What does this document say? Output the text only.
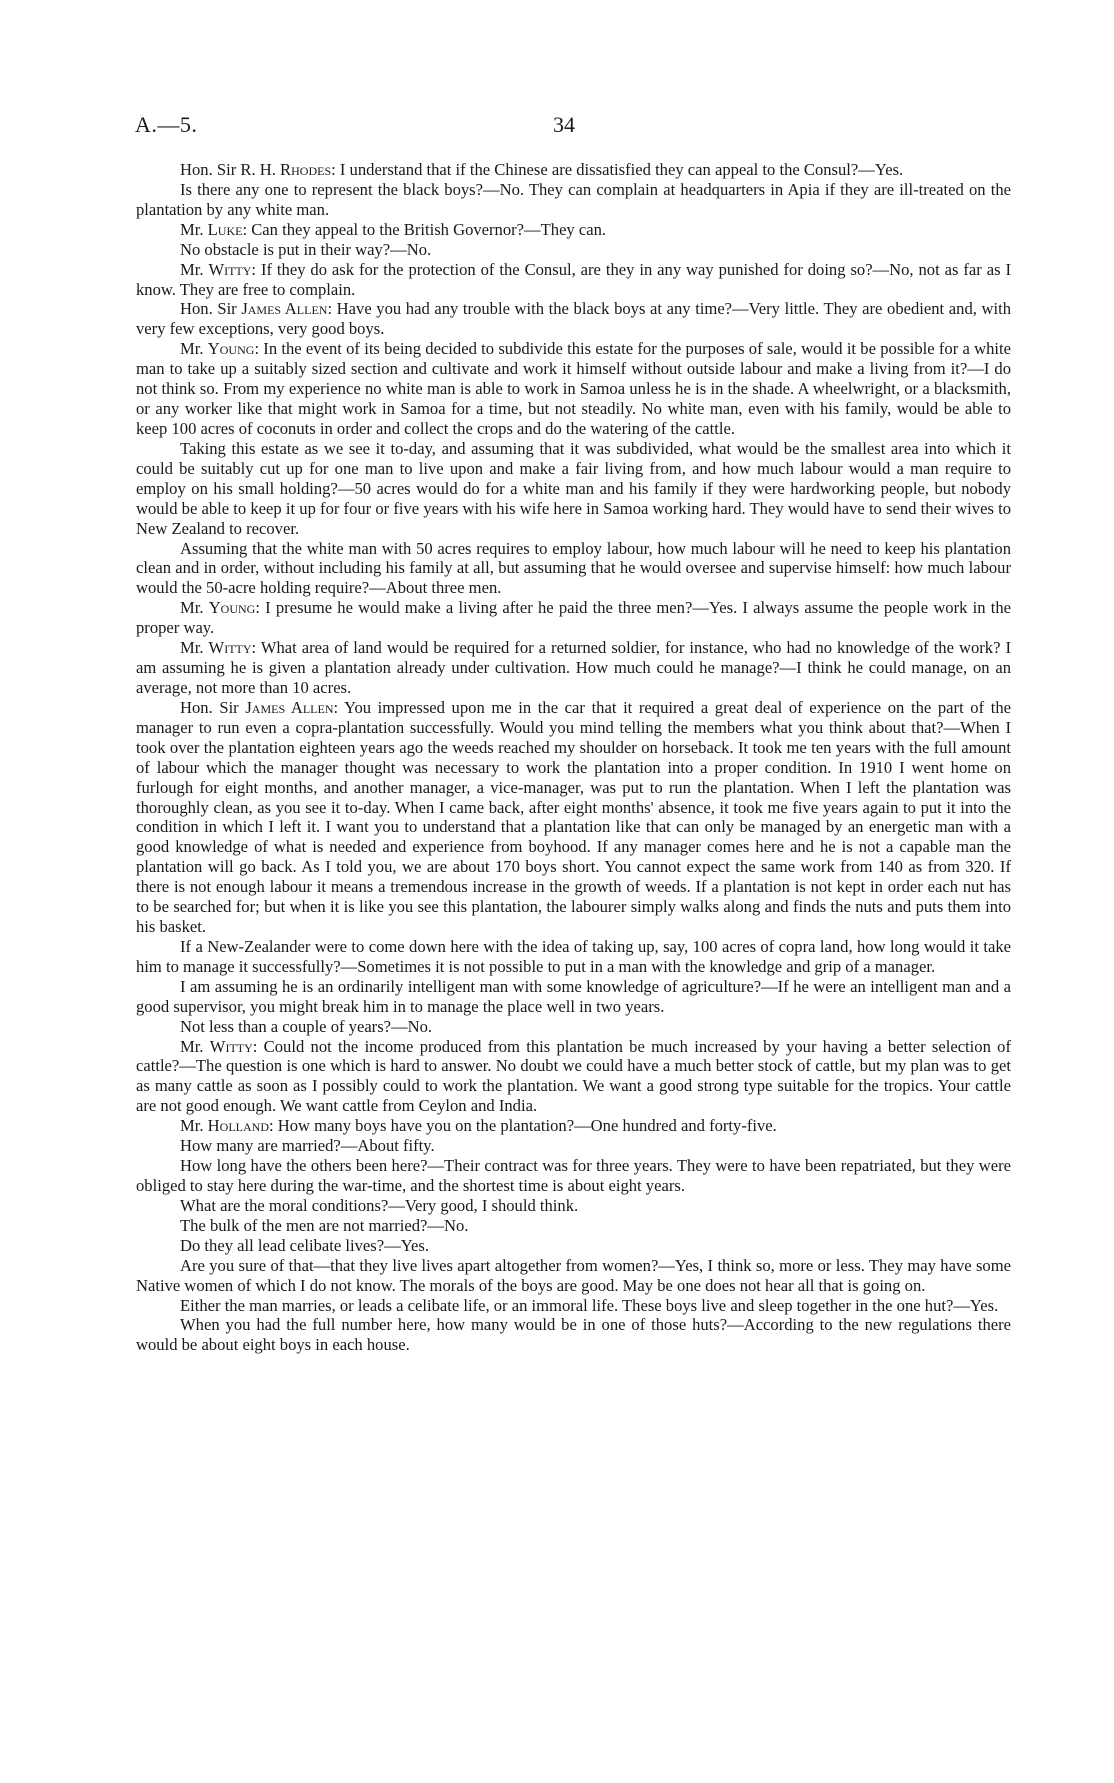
A.—5.	34

Hon. Sir R. H. Rhodes: I understand that if the Chinese are dissatisfied they can appeal to the Consul?—Yes.

Is there any one to represent the black boys?—No. They can complain at headquarters in Apia if they are ill-treated on the plantation by any white man.

Mr. Luke: Can they appeal to the British Governor?—They can.

No obstacle is put in their way?—No.

Mr. Witty: If they do ask for the protection of the Consul, are they in any way punished for doing so?—No, not as far as I know. They are free to complain.

Hon. Sir James Allen: Have you had any trouble with the black boys at any time?—Very little. They are obedient and, with very few exceptions, very good boys.

Mr. Young: In the event of its being decided to subdivide this estate for the purposes of sale, would it be possible for a white man to take up a suitably sized section and cultivate and work it himself without outside labour and make a living from it?—I do not think so. From my experience no white man is able to work in Samoa unless he is in the shade. A wheelwright, or a blacksmith, or any worker like that might work in Samoa for a time, but not steadily. No white man, even with his family, would be able to keep 100 acres of coconuts in order and collect the crops and do the watering of the cattle.

Taking this estate as we see it to-day, and assuming that it was subdivided, what would be the smallest area into which it could be suitably cut up for one man to live upon and make a fair living from, and how much labour would a man require to employ on his small holding?—50 acres would do for a white man and his family if they were hardworking people, but nobody would be able to keep it up for four or five years with his wife here in Samoa working hard. They would have to send their wives to New Zealand to recover.

Assuming that the white man with 50 acres requires to employ labour, how much labour will he need to keep his plantation clean and in order, without including his family at all, but assuming that he would oversee and supervise himself: how much labour would the 50-acre holding require?—About three men.

Mr. Young: I presume he would make a living after he paid the three men?—Yes. I always assume the people work in the proper way.

Mr. Witty: What area of land would be required for a returned soldier, for instance, who had no knowledge of the work? I am assuming he is given a plantation already under cultivation. How much could he manage?—I think he could manage, on an average, not more than 10 acres.

Hon. Sir James Allen: You impressed upon me in the car that it required a great deal of experience on the part of the manager to run even a copra-plantation successfully. Would you mind telling the members what you think about that?—When I took over the plantation eighteen years ago the weeds reached my shoulder on horseback. It took me ten years with the full amount of labour which the manager thought was necessary to work the plantation into a proper condition. In 1910 I went home on furlough for eight months, and another manager, a vice-manager, was put to run the plantation. When I left the plantation was thoroughly clean, as you see it to-day. When I came back, after eight months' absence, it took me five years again to put it into the condition in which I left it. I want you to understand that a plantation like that can only be managed by an energetic man with a good knowledge of what is needed and experience from boyhood. If any manager comes here and he is not a capable man the plantation will go back. As I told you, we are about 170 boys short. You cannot expect the same work from 140 as from 320. If there is not enough labour it means a tremendous increase in the growth of weeds. If a plantation is not kept in order each nut has to be searched for; but when it is like you see this plantation, the labourer simply walks along and finds the nuts and puts them into his basket.

If a New-Zealander were to come down here with the idea of taking up, say, 100 acres of copra land, how long would it take him to manage it successfully?—Sometimes it is not possible to put in a man with the knowledge and grip of a manager.

I am assuming he is an ordinarily intelligent man with some knowledge of agriculture?—If he were an intelligent man and a good supervisor, you might break him in to manage the place well in two years.

Not less than a couple of years?—No.

Mr. Witty: Could not the income produced from this plantation be much increased by your having a better selection of cattle?—The question is one which is hard to answer. No doubt we could have a much better stock of cattle, but my plan was to get as many cattle as soon as I possibly could to work the plantation. We want a good strong type suitable for the tropics. Your cattle are not good enough. We want cattle from Ceylon and India.

Mr. Holland: How many boys have you on the plantation?—One hundred and forty-five.

How many are married?—About fifty.

How long have the others been here?—Their contract was for three years. They were to have been repatriated, but they were obliged to stay here during the war-time, and the shortest time is about eight years.

What are the moral conditions?—Very good, I should think.

The bulk of the men are not married?—No.

Do they all lead celibate lives?—Yes.

Are you sure of that—that they live lives apart altogether from women?—Yes, I think so, more or less. They may have some Native women of which I do not know. The morals of the boys are good. May be one does not hear all that is going on.

Either the man marries, or leads a celibate life, or an immoral life. These boys live and sleep together in the one hut?—Yes.

When you had the full number here, how many would be in one of those huts?—According to the new regulations there would be about eight boys in each house.
